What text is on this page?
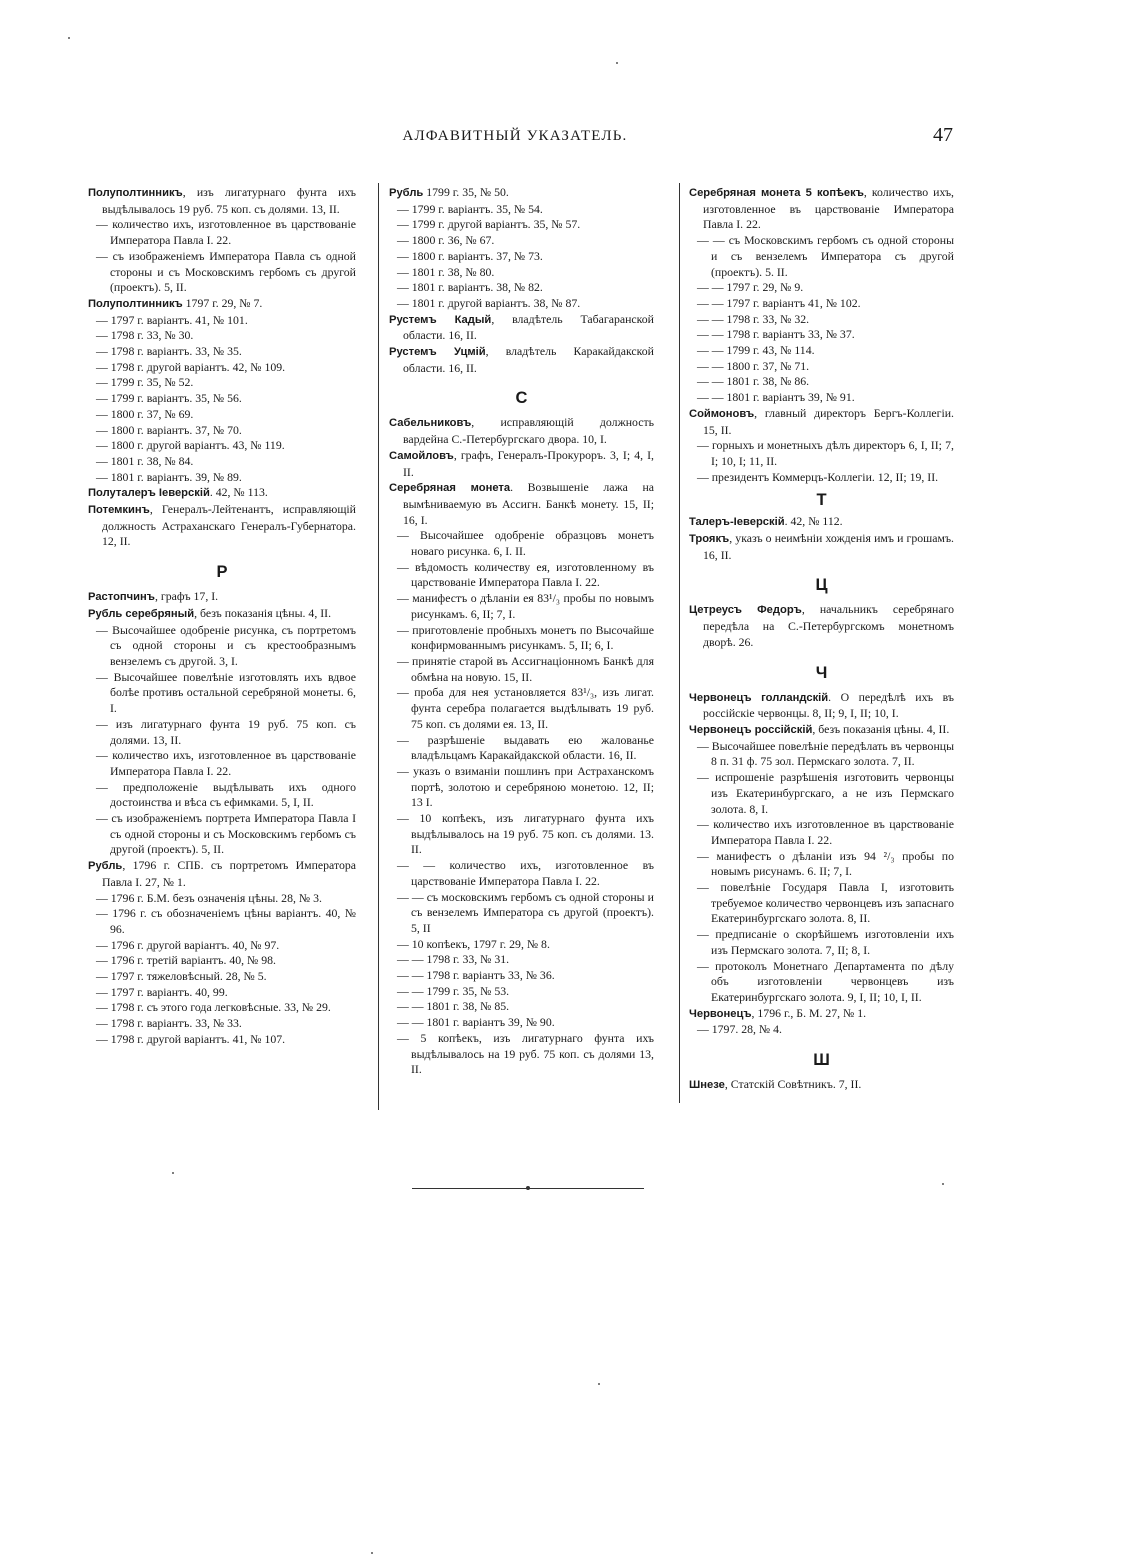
АЛФАВИТНЫЙ УКАЗАТЕЛЬ.	47
Полуполтинникъ, изъ лигатурнаго фунта ихъ выдѣлывалось 19 руб. 75 коп. съ долями. 13, II.
— количество ихъ, изготовленное въ царствованіе Императора Павла I. 22.
— съ изображеніемъ Императора Павла съ одной стороны и съ Московскимъ гербомъ съ другой (проектъ). 5, II.
Полуполтинникъ 1797 г. 29, № 7.
— 1797 г. варіантъ. 41, № 101.
— 1798 г. 33, № 30.
— 1798 г. варіантъ. 33, № 35.
— 1798 г. другой варіантъ. 42, № 109.
— 1799 г. 35, № 52.
— 1799 г. варіантъ. 35, № 56.
— 1800 г. 37, № 69.
— 1800 г. варіантъ. 37, № 70.
— 1800 г. другой варіантъ. 43, № 119.
— 1801 г. 38, № 84.
— 1801 г. варіантъ. 39, № 89.
Полуталеръ Іеверскій. 42, № 113.
Потемкинъ, Генералъ-Лейтенантъ, исправляющій должность Астраханскаго Генералъ-Губернатора. 12, II.
Р
Растопчинъ, графъ 17, I.
Рубль серебряный, безъ показанія цѣны. 4, II.
— Высочайшее одобреніе рисунка, съ портретомъ съ одной стороны и съ крестообразнымъ вензелемъ съ другой. 3, I.
— Высочайшее повелѣніе изготовлять ихъ вдвое болѣе противъ остальной серебряной монеты. 6, I.
— изъ лигатурнаго фунта 19 руб. 75 коп. съ долями. 13, II.
— количество ихъ, изготовленное въ царствованіе Императора Павла I. 22.
— предположеніе выдѣлывать ихъ одного достоинства и вѣса съ ефимками. 5, I, II.
— съ изображеніемъ портрета Императора Павла I съ одной стороны и съ Московскимъ гербомъ съ другой (проектъ). 5, II.
Рубль, 1796 г. СПБ. съ портретомъ Императора Павла I. 27, № 1.
— 1796 г. Б.М. безъ означенія цѣны. 28, № 3.
— 1796 г. съ обозначеніемъ цѣны варіантъ. 40, № 96.
— 1796 г. другой варіантъ. 40, № 97.
— 1796 г. третій варіантъ. 40, № 98.
— 1797 г. тяжеловѣсный. 28, № 5.
— 1797 г. варіантъ. 40, 99.
— 1798 г. съ этого года легковѣсные. 33, № 29.
— 1798 г. варіантъ. 33, № 33.
— 1798 г. другой варіантъ. 41, № 107.
Рубль 1799 г. 35, № 50.
— 1799 г. варіантъ. 35, № 54.
— 1799 г. другой варіантъ. 35, № 57.
— 1800 г. 36, № 67.
— 1800 г. варіантъ. 37, № 73.
— 1801 г. 38, № 80.
— 1801 г. варіантъ. 38, № 82.
— 1801 г. другой варіантъ. 38, № 87.
Рустемъ Кадый, владѣтель Табагаранской области. 16, II.
Рустемъ Уцмій, владѣтель Каракайдакской области. 16, II.
С
Сабельниковъ, исправляющій должность вардейна С.-Петербургскаго двора. 10, I.
Самойловъ, графъ, Генералъ-Прокуроръ. 3, I; 4, I, II.
Серебряная монета. Возвышеніе лажа на вымѣниваемую въ Ассигн. Банкѣ монету. 15, II; 16, I.
— Высочайшее одобреніе образцовъ монетъ новаго рисунка. 6, I. II.
— вѣдомость количеству ея, изготовленному въ царствованіе Императора Павла I. 22.
— манифестъ о дѣланіи ея 83¹/₃ пробы по новымъ рисункамъ. 6, II; 7, I.
— приготовленіе пробныхъ монетъ по Высочайше конфирмованнымъ рисункамъ. 5, II; 6, I.
— принятіе старой въ Ассигнаціонномъ Банкѣ для обмѣна на новую. 15, II.
— проба для нея установляется 83¹/₃, изъ лигат. фунта серебра полагается выдѣлывать 19 руб. 75 коп. съ долями ея. 13, II.
— разрѣшеніе выдавать ею жалованье владѣльцамъ Каракайдакской области. 16, II.
— указъ о взиманіи пошлинъ при Астраханскомъ портѣ, золотою и серебряною монетою. 12, II; 13 I.
— 10 копѣекъ, изъ лигатурнаго фунта ихъ выдѣлывалось на 19 руб. 75 коп. съ долями. 13. II.
— — количество ихъ, изготовленное въ царствованіе Императора Павла I. 22.
— — съ московскимъ гербомъ съ одной стороны и съ вензелемъ Императора съ другой (проектъ). 5, II
— 10 копѣекъ, 1797 г. 29, № 8.
— — 1798 г. 33, № 31.
— — 1798 г. варіантъ 33, № 36.
— — 1799 г. 35, № 53.
— — 1801 г. 38, № 85.
— — 1801 г. варіантъ 39, № 90.
— 5 копѣекъ, изъ лигатурнаго фунта ихъ выдѣлывалось на 19 руб. 75 коп. съ долями 13, II.
Серебряная монета 5 копѣекъ, количество ихъ, изготовленное въ царствованіе Императора Павла I. 22.
— — съ Московскимъ гербомъ съ одной стороны и съ вензелемъ Императора съ другой (проектъ). 5. II.
— — 1797 г. 29, № 9.
— — 1797 г. варіантъ 41, № 102.
— — 1798 г. 33, № 32.
— — 1798 г. варіантъ 33, № 37.
— — 1799 г. 43, № 114.
— — 1800 г. 37, № 71.
— — 1801 г. 38, № 86.
— — 1801 г. варіантъ 39, № 91.
Соймоновъ, главный директоръ Бергъ-Коллегіи. 15, II.
— горныхъ и монетныхъ дѣлъ директоръ 6, I, II; 7, I; 10, I; 11, II.
— президентъ Коммерцъ-Коллегіи. 12, II; 19, II.
Т
Талеръ-Іеверскій. 42, № 112.
Троякъ, указъ о неимѣніи хожденія имъ и грошамъ. 16, II.
Ц
Цетреусъ Федоръ, начальникъ серебрянаго передѣла на С.-Петербургскомъ монетномъ дворѣ. 26.
Ч
Червонецъ голландскій. О передѣлѣ ихъ въ россійскіе червонцы. 8, II; 9, I, II; 10, I.
Червонецъ россійскій, безъ показанія цѣны. 4, II.
— Высочайшее повелѣніе передѣлать въ червонцы 8 п. 31 ф. 75 зол. Пермскаго золота. 7, II.
— испрошеніе разрѣшенія изготовить червонцы изъ Екатеринбургскаго, а не изъ Пермскаго золота. 8, I.
— количество ихъ изготовленное въ царствованіе Императора Павла I. 22.
— манифестъ о дѣланіи изъ 94 ²/₃ пробы по новымъ рисунамъ. 6. II; 7, I.
— повелѣніе Государя Павла I, изготовить требуемое количество червонцевъ изъ запаснаго Екатеринбургскаго золота. 8, II.
— предписаніе о скорѣйшемъ изготовленіи ихъ изъ Пермскаго золота. 7, II; 8, I.
— протоколъ Монетнаго Департамента по дѣлу объ изготовленіи червонцевъ изъ Екатеринбургскаго золота. 9, I, II; 10, I, II.
Червонецъ, 1796 г., Б. М. 27, № 1.
— 1797. 28, № 4.
Ш
Шнезе, Статскій Совѣтникъ. 7, II.
